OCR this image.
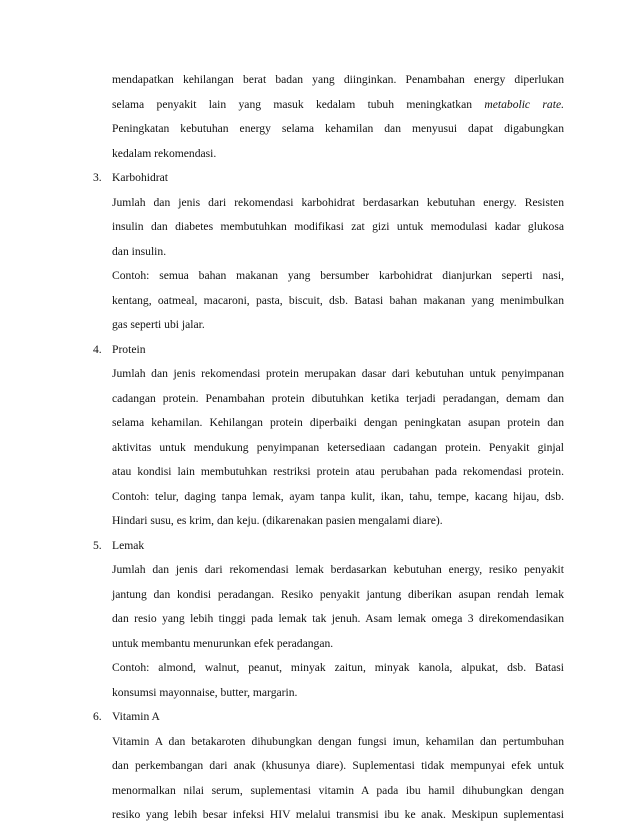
mendapatkan kehilangan berat badan yang diinginkan. Penambahan energy diperlukan
selama penyakit lain yang masuk kedalam tubuh meningkatkan metabolic rate.
Peningkatan kebutuhan energy selama kehamilan dan menyusui dapat digabungkan
kedalam rekomendasi.
3. Karbohidrat
Jumlah dan jenis dari rekomendasi karbohidrat berdasarkan kebutuhan energy. Resisten
insulin dan diabetes membutuhkan modifikasi zat gizi untuk memodulasi kadar glukosa
dan insulin.
Contoh: semua bahan makanan yang bersumber karbohidrat dianjurkan seperti nasi,
kentang, oatmeal, macaroni, pasta, biscuit, dsb. Batasi bahan makanan yang menimbulkan
gas seperti ubi jalar.
4. Protein
Jumlah dan jenis rekomendasi protein merupakan dasar dari kebutuhan untuk penyimpanan
cadangan protein. Penambahan protein dibutuhkan ketika terjadi peradangan, demam dan
selama kehamilan. Kehilangan protein diperbaiki dengan peningkatan asupan protein dan
aktivitas untuk mendukung penyimpanan ketersediaan cadangan protein. Penyakit ginjal
atau kondisi lain membutuhkan restriksi protein atau perubahan pada rekomendasi protein.
Contoh: telur, daging tanpa lemak, ayam tanpa kulit, ikan, tahu, tempe, kacang hijau, dsb.
Hindari susu, es krim, dan keju. (dikarenakan pasien mengalami diare).
5. Lemak
Jumlah dan jenis dari rekomendasi lemak berdasarkan kebutuhan energy, resiko penyakit
jantung dan kondisi peradangan. Resiko penyakit jantung diberikan asupan rendah lemak
dan resio yang lebih tinggi pada lemak tak jenuh. Asam lemak omega 3 direkomendasikan
untuk membantu menurunkan efek peradangan.
Contoh: almond, walnut, peanut, minyak zaitun, minyak kanola, alpukat, dsb. Batasi
konsumsi mayonnaise, butter, margarin.
6. Vitamin A
Vitamin A dan betakaroten dihubungkan dengan fungsi imun, kehamilan dan pertumbuhan
dan perkembangan dari anak (khusunya diare). Suplementasi tidak mempunyai efek untuk
menormalkan nilai serum, suplementasi vitamin A pada ibu hamil dihubungkan dengan
resiko yang lebih besar infeksi HIV melalui transmisi ibu ke anak. Meskipun suplementasi
